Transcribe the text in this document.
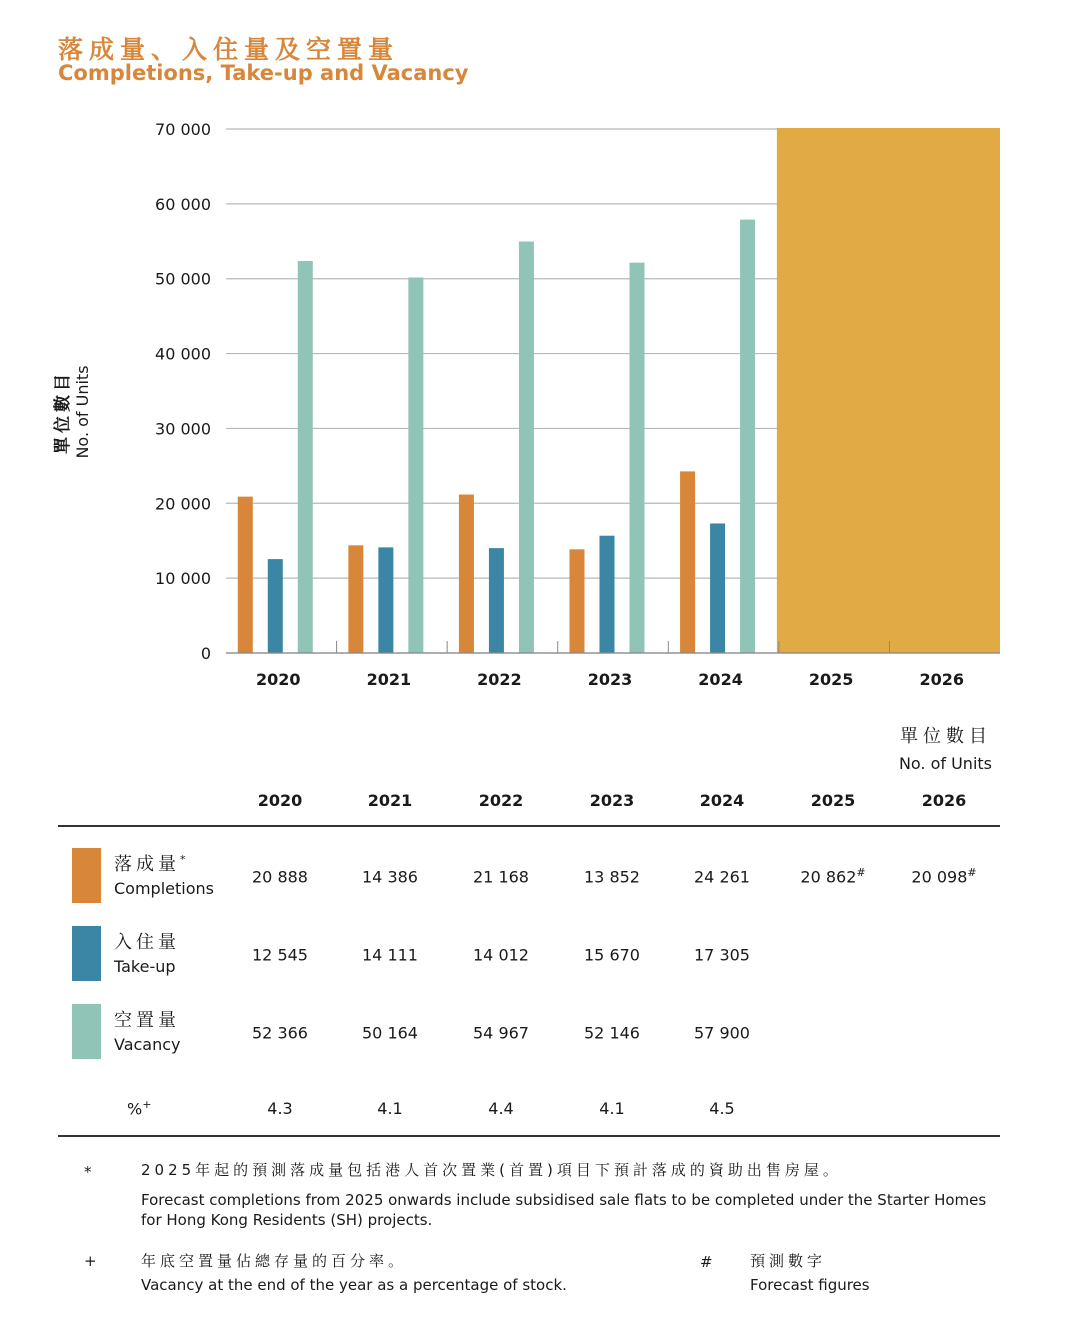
落成量、入住量及空置量
Completions, Take-up and Vacancy
0
10 000
20 000
30 000
40 000
50 000
60 000
70 000
2020	2021	2022	2023	2024	2025	2026
單位數目 No. of Units
單位數目
No. of Units
2020	2021	2022	2023	2024	2025	2026
落成量*
Completions
20 888	14 386	21 168	13 852	24 261	20 862#	20 098#
入住量
Take-up
12 545	14 111	14 012	15 670	17 305
空置量
Vacancy
52 366	50 164	54 967	52 146	57 900
%+	4.3	4.1	4.4	4.1	4.5
*	2025年起的預測落成量包括港人首次置業(首置)項目下預計落成的資助出售房屋。
Forecast completions from 2025 onwards include subsidised sale flats to be completed under the Starter Homes for Hong Kong Residents (SH) projects.
+	年底空置量佔總存量的百分率。
Vacancy at the end of the year as a percentage of stock.
# 預測數字
Forecast figures
